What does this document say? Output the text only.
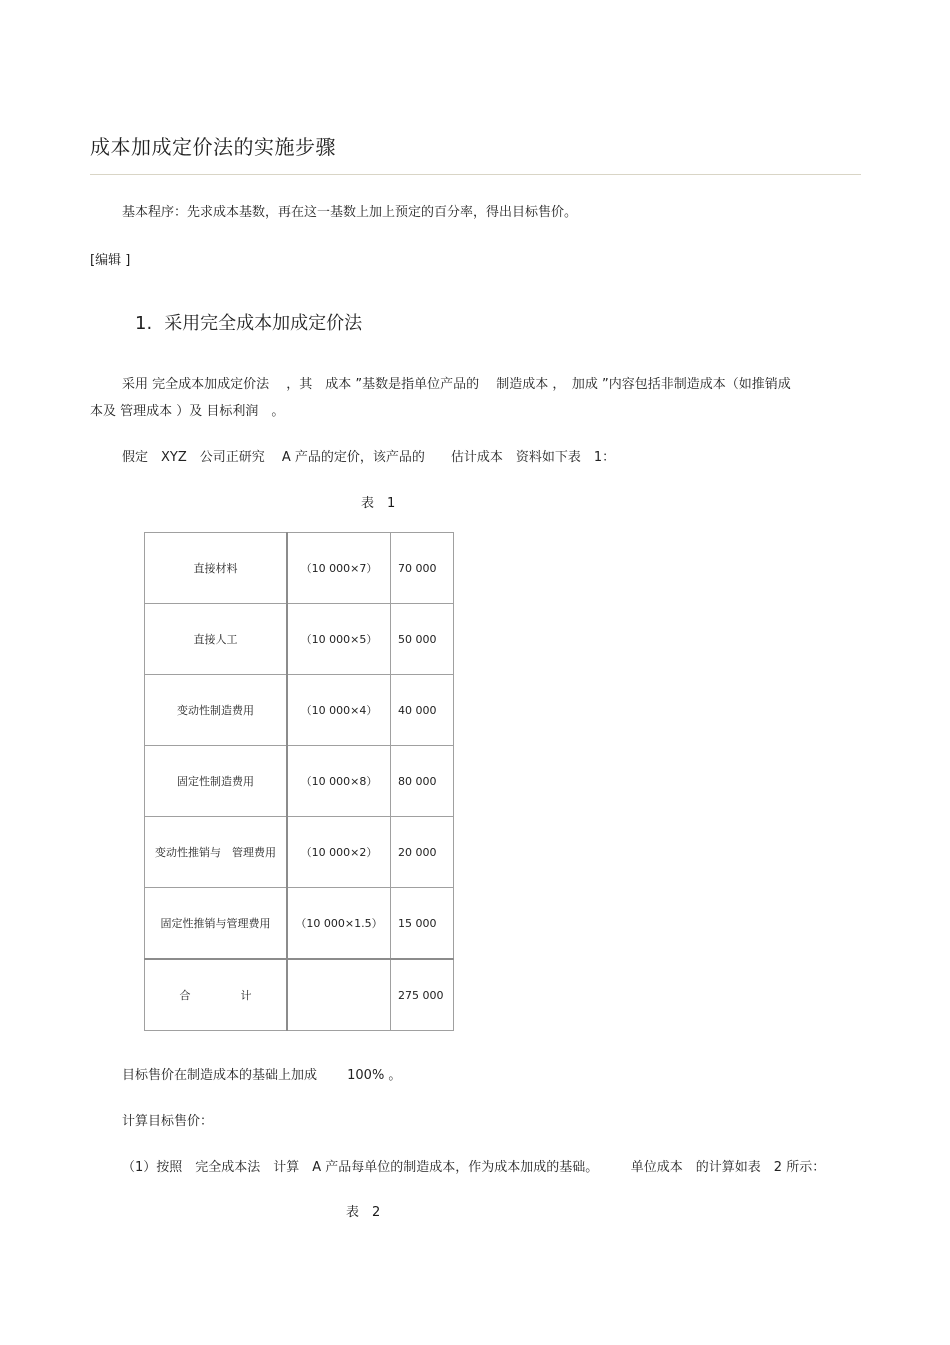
成本加成定价法的实施步骤
基本程序：先求成本基数，再在这一基数上加上预定的百分率，得出目标售价。
[编辑 ]
1. 采用完全成本加成定价法
采用 完全成本加成定价法　 ，其　成本 ”基数是指单位产品的　 制造成本 ，　加成 ”内容包括非制造成本（如推销成
本及 管理成本 ）及 目标利润　。
假定　XYZ　公司正研究　 A 产品的定价，该产品的　　估计成本　资料如下表　1：
表　1
直接材料	（10 000×7）	70 000
直接人工	（10 000×5）	50 000
变动性制造费用	（10 000×4）	40 000
固定性制造费用	（10 000×8）	80 000
变动性推销与　管理费用	（10 000×2）	20 000
固定性推销与管理费用	（10 000×1.5）	15 000
合 计		275 000
目标售价在制造成本的基础上加成　　 100% 。
计算目标售价：
（1）按照　完全成本法　计算　A 产品每单位的制造成本，作为成本加成的基础。　　　单位成本　的计算如表　2 所示：
表　2
